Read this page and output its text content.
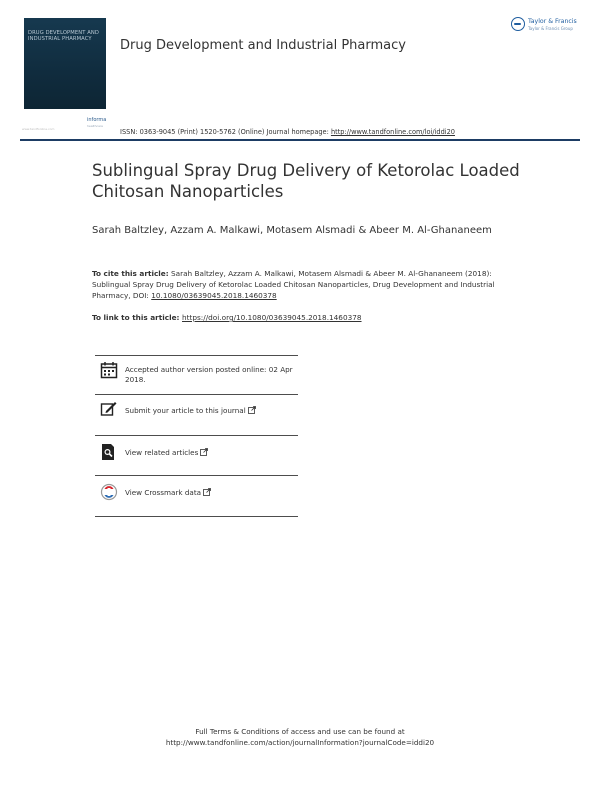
DRUG DEVELOPMENT AND INDUSTRIAL PHARMACY	Drug Development and Industrial Pharmacy
Taylor & Francis
Taylor & Francis Group
www.tandfonline.com
informa
healthcare
ISSN: 0363-9045 (Print) 1520-5762 (Online) Journal homepage: http://www.tandfonline.com/loi/iddi20
Sublingual Spray Drug Delivery of Ketorolac Loaded Chitosan Nanoparticles
Sarah Baltzley, Azzam A. Malkawi, Motasem Alsmadi & Abeer M. Al-Ghananeem
To cite this article: Sarah Baltzley, Azzam A. Malkawi, Motasem Alsmadi & Abeer M. Al-Ghananeem (2018): Sublingual Spray Drug Delivery of Ketorolac Loaded Chitosan Nanoparticles, Drug Development and Industrial Pharmacy, DOI: 10.1080/03639045.2018.1460378
To link to this article: https://doi.org/10.1080/03639045.2018.1460378
Accepted author version posted online: 02 Apr 2018.
Submit your article to this journal
View related articles
View Crossmark data
Full Terms & Conditions of access and use can be found at
http://www.tandfonline.com/action/journalInformation?journalCode=iddi20
